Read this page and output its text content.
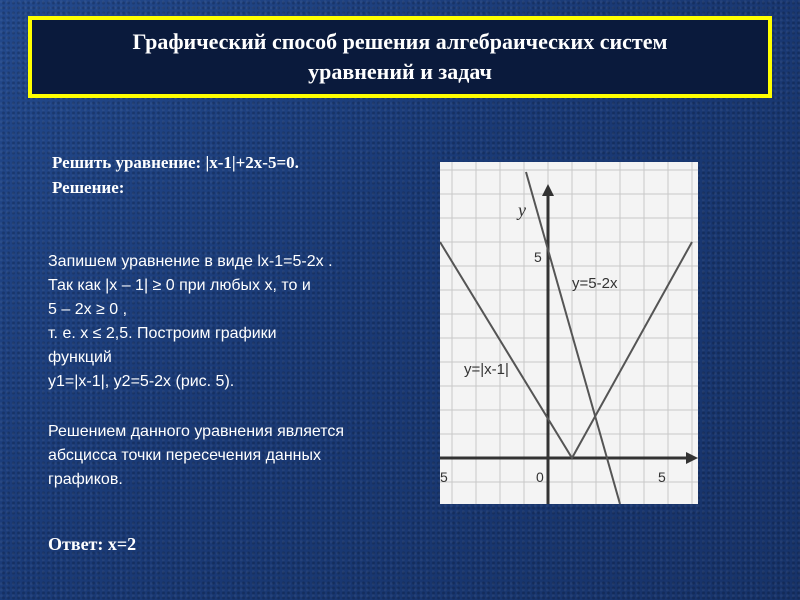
Графический способ решения алгебраических систем уравнений и задач
Решить уравнение: |x-1|+2x-5=0.
Решение:
Запишем уравнение в виде lx-1=5-2x .
Так как |x – 1| ≥ 0 при любых x, то и
5 – 2x ≥ 0 ,
т. е. x ≤ 2,5. Построим графики
функций
y1=|x-1|, y2=5-2x (рис. 5).
Решением данного уравнения является
абсцисса точки пересечения данных
графиков.
Ответ: x=2
y
5
0	5
5
y=5-2x
y=|x-1|
